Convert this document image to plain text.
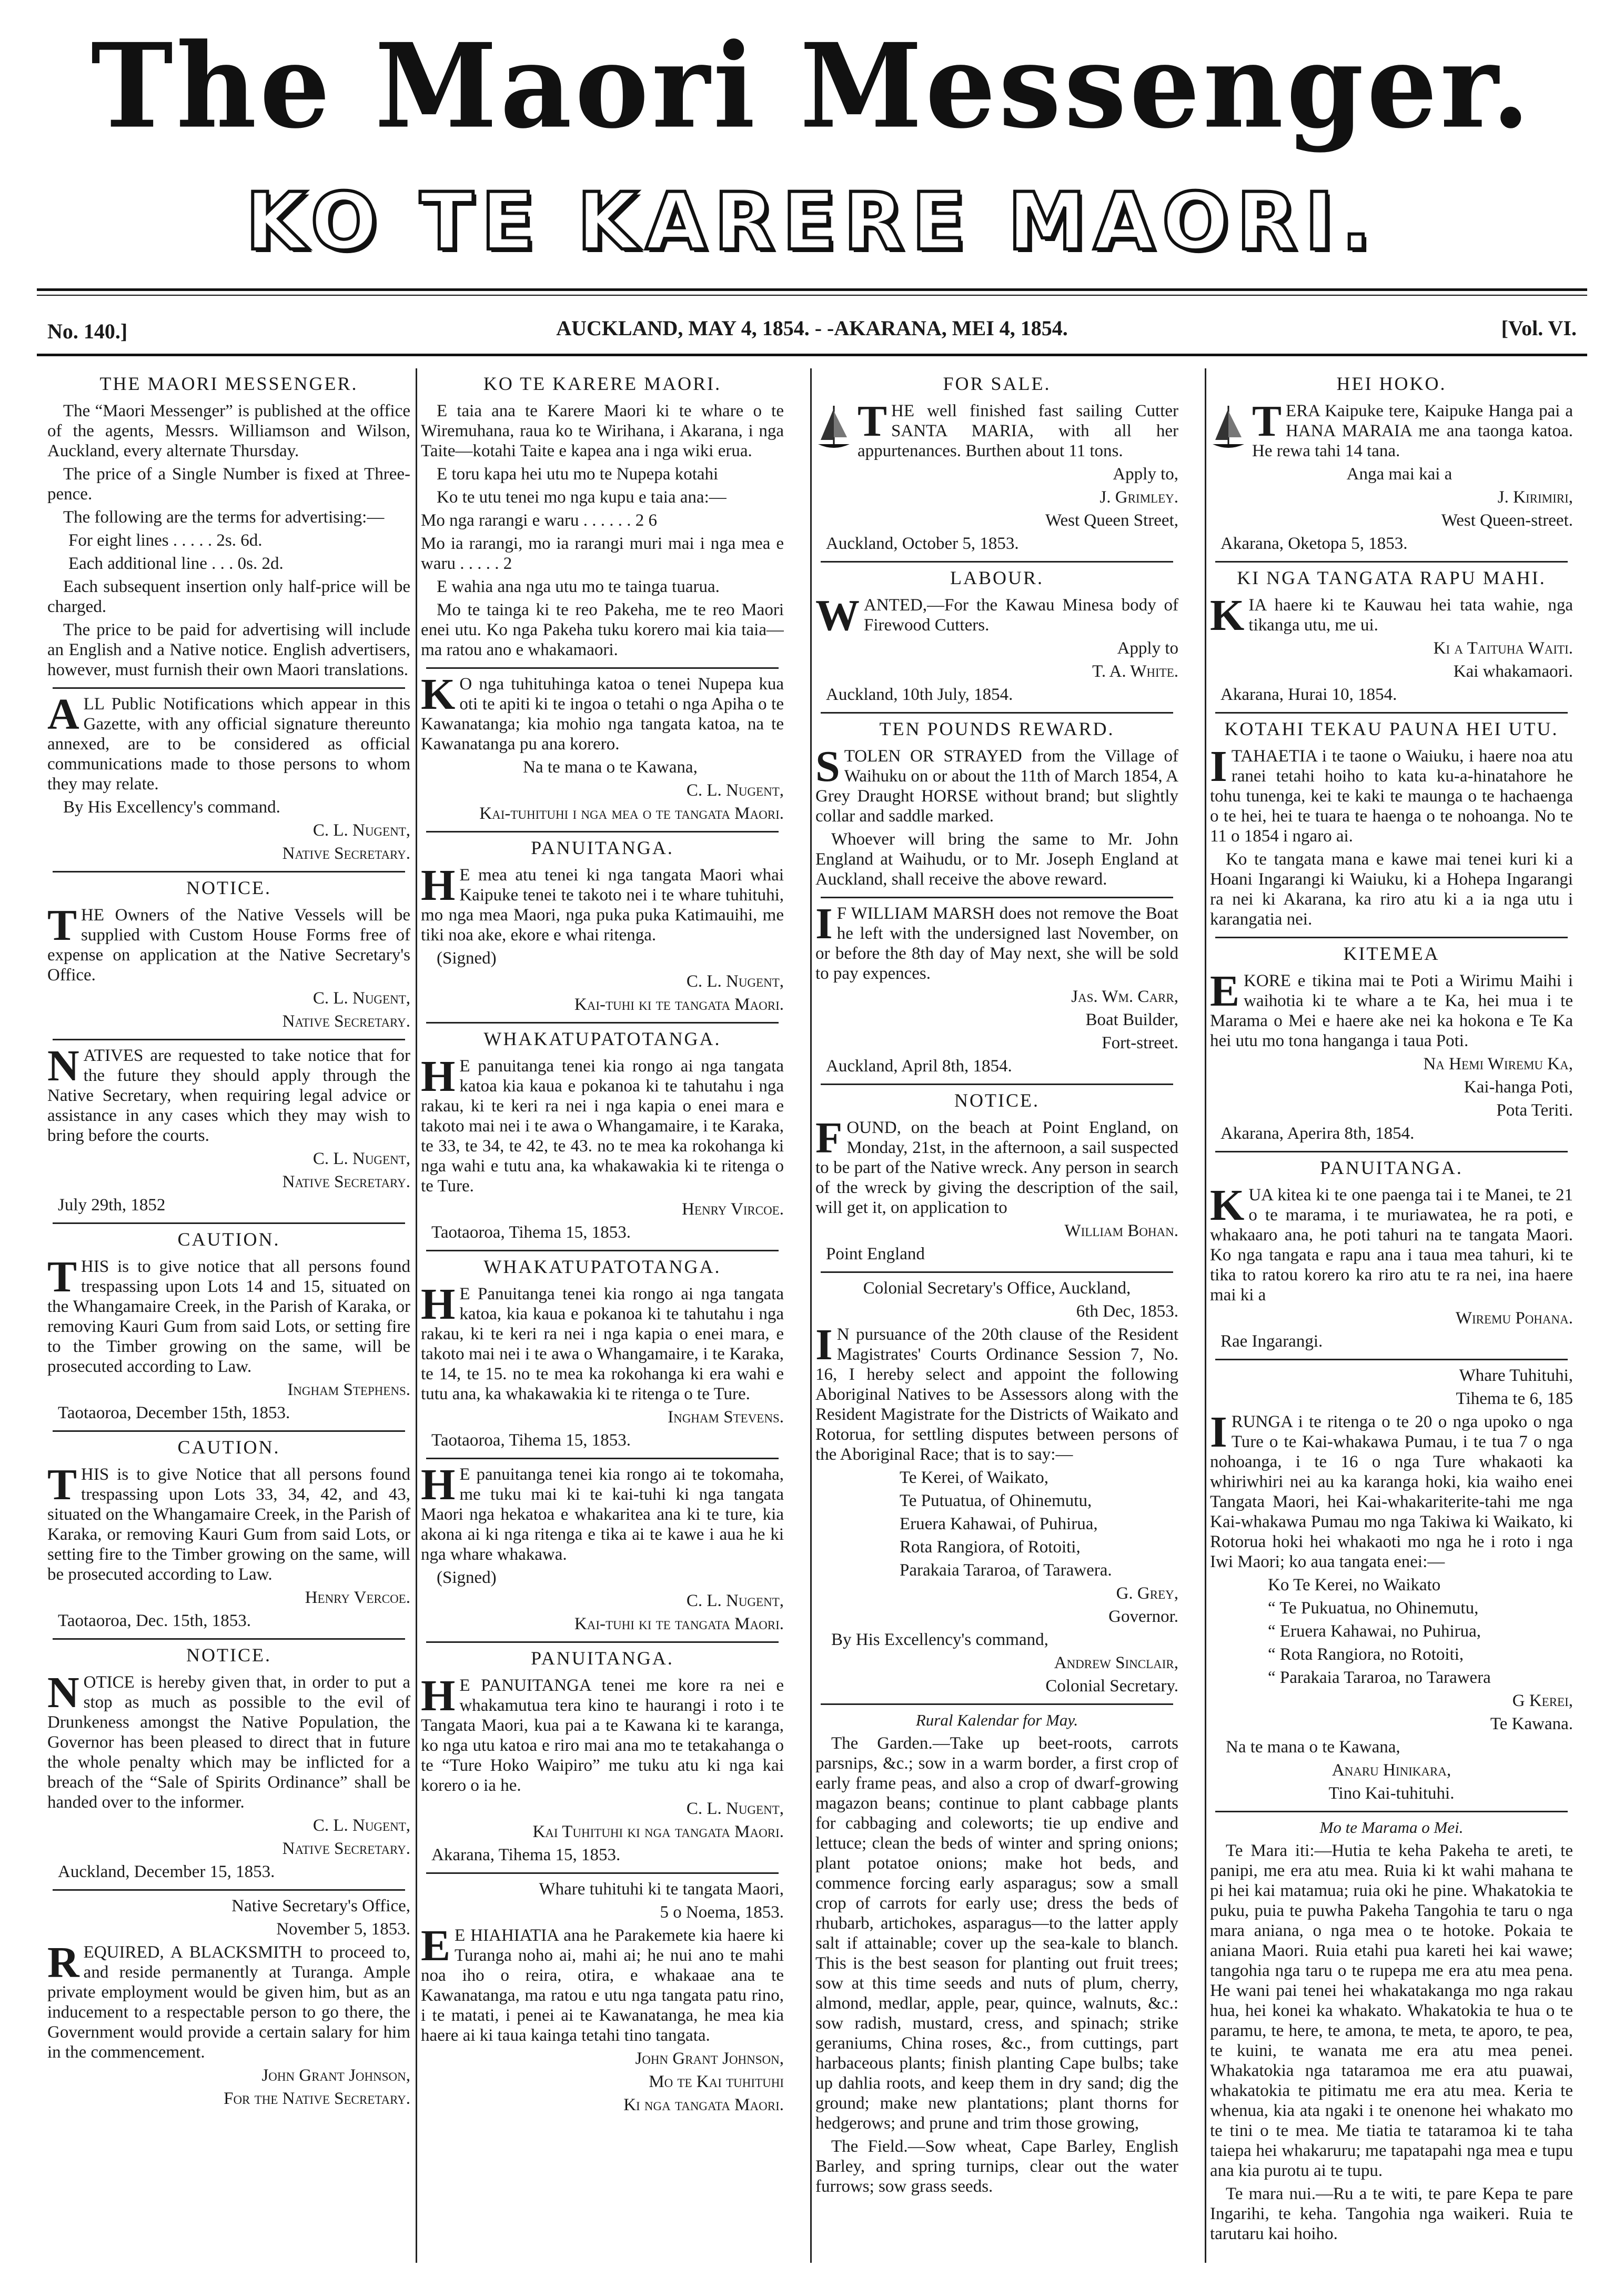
The Maori Messenger.
KO TE KARERE MAORI.
No. 140.]	AUCKLAND, MAY 4, 1854. - -AKARANA, MEI 4, 1854.	[Vol. VI.
THE MAORI MESSENGER.

The “Maori Messenger” is published at the office of the agents, Messrs. Williamson and Wilson, Auckland, every alternate Thursday.

The price of a Single Number is fixed at Three-pence.

The following are the terms for advertising:—

For eight lines . . . . . 2s. 6d.

Each additional line . . . 0s. 2d.

Each subsequent insertion only half-price will be charged.

The price to be paid for advertising will include an English and a Native notice. English advertisers, however, must furnish their own Maori translations.

ALL Public Notifications which appear in this Gazette, with any official signature thereunto annexed, are to be considered as official communications made to those persons to whom they may relate.

By His Excellency's command.

C. L. Nugent,

Native Secretary.

NOTICE.

THE Owners of the Native Vessels will be supplied with Custom House Forms free of expense on application at the Native Secretary's Office.

C. L. Nugent,

Native Secretary.

NATIVES are requested to take notice that for the future they should apply through the Native Secretary, when requiring legal advice or assistance in any cases which they may wish to bring before the courts.

C. L. Nugent,

Native Secretary.

July 29th, 1852

CAUTION.

THIS is to give notice that all persons found trespassing upon Lots 14 and 15, situated on the Whangamaire Creek, in the Parish of Karaka, or removing Kauri Gum from said Lots, or setting fire to the Timber growing on the same, will be prosecuted according to Law.

Ingham Stephens.

Taotaoroa, December 15th, 1853.

CAUTION.

THIS is to give Notice that all persons found trespassing upon Lots 33, 34, 42, and 43, situated on the Whangamaire Creek, in the Parish of Karaka, or removing Kauri Gum from said Lots, or setting fire to the Timber growing on the same, will be prosecuted according to Law.

Henry Vercoe.

Taotaoroa, Dec. 15th, 1853.

NOTICE.

NOTICE is hereby given that, in order to put a stop as much as possible to the evil of Drunkeness amongst the Native Population, the Governor has been pleased to direct that in future the whole penalty which may be inflicted for a breach of the “Sale of Spirits Ordinance” shall be handed over to the informer.

C. L. Nugent,

Native Secretary.

Auckland, December 15, 1853.

Native Secretary's Office,

November 5, 1853.

REQUIRED, A BLACKSMITH to proceed to, and reside permanently at Turanga. Ample private employment would be given him, but as an inducement to a respectable person to go there, the Government would provide a certain salary for him in the commencement.

John Grant Johnson,

For the Native Secretary.

KO TE KARERE MAORI.

E taia ana te Karere Maori ki te whare o te Wiremuhana, raua ko te Wirihana, i Akarana, i nga Taite—kotahi Taite e kapea ana i nga wiki erua.

E toru kapa hei utu mo te Nupepa kotahi

Ko te utu tenei mo nga kupu e taia ana:—

Mo nga rarangi e waru . . . . . . 2 6

Mo ia rarangi, mo ia rarangi muri mai i nga mea e waru . . . . . 2

E wahia ana nga utu mo te tainga tuarua.

Mo te tainga ki te reo Pakeha, me te reo Maori enei utu. Ko nga Pakeha tuku korero mai kia taia—ma ratou ano e whakamaori.

K O nga tuhituhinga katoa o tenei Nupepa kua oti te apiti ki te ingoa o tetahi o nga Apiha o te Kawanatanga; kia mohio nga tangata katoa, na te Kawanatanga pu ana korero.

Na te mana o te Kawana,

C. L. Nugent,

Kai-tuhituhi i nga mea o te tangata Maori.

PANUITANGA.

H E mea atu tenei ki nga tangata Maori whai Kaipuke tenei te takoto nei i te whare tuhituhi, mo nga mea Maori, nga puka puka Katimauihi, me tiki noa ake, ekore e whai ritenga.

(Signed)

C. L. Nugent,

Kai-tuhi ki te tangata Maori.

WHAKATUPATOTANGA.

H E panuitanga tenei kia rongo ai nga tangata katoa kia kaua e pokanoa ki te tahutahu i nga rakau, ki te keri ra nei i nga kapia o enei mara e takoto mai nei i te awa o Whangamaire, i te Karaka, te 33, te 34, te 42, te 43. no te mea ka rokohanga ki nga wahi e tutu ana, ka whakawakia ki te ritenga o te Ture.

Henry Vircoe.

Taotaoroa, Tihema 15, 1853.

WHAKATUPATOTANGA.

H E Panuitanga tenei kia rongo ai nga tangata katoa, kia kaua e pokanoa ki te tahutahu i nga rakau, ki te keri ra nei i nga kapia o enei mara, e takoto mai nei i te awa o Whangamaire, i te Karaka, te 14, te 15. no te mea ka rokohanga ki era wahi e tutu ana, ka whakawakia ki te ritenga o te Ture.

Ingham Stevens.

Taotaoroa, Tihema 15, 1853.

H E panuitanga tenei kia rongo ai te tokomaha, me tuku mai ki te kai-tuhi ki nga tangata Maori nga hekatoa e whakaritea ana ki te ture, kia akona ai ki nga ritenga e tika ai te kawe i aua he ki nga whare whakawa.

(Signed)

C. L. Nugent,

Kai-tuhi ki te tangata Maori.

PANUITANGA.

H E PANUITANGA tenei me kore ra nei e whakamutua tera kino te haurangi i roto i te Tangata Maori, kua pai a te Kawana ki te karanga, ko nga utu katoa e riro mai ana mo te tetakahanga o te “Ture Hoko Waipiro” me tuku atu ki nga kai korero o ia he.

C. L. Nugent,

Kai Tuhituhi ki nga tangata Maori.

Akarana, Tihema 15, 1853.

Whare tuhituhi ki te tangata Maori,

5 o Noema, 1853.

E E HIAHIATIA ana he Parakemete kia haere ki Turanga noho ai, mahi ai; he nui ano te mahi noa iho o reira, otira, e whakaae ana te Kawanatanga, ma ratou e utu nga tangata patu rino, i te matati, i penei ai te Kawanatanga, he mea kia haere ai ki taua kainga tetahi tino tangata.

John Grant Johnson,

Mo te Kai tuhituhi

Ki nga tangata Maori.

FOR SALE.

THE well finished fast sailing Cutter SANTA MARIA, with all her appurtenances. Burthen about 11 tons.

Apply to,

J. Grimley.

West Queen Street,

Auckland, October 5, 1853.

LABOUR.

WANTED,—For the Kawau Minesa body of Firewood Cutters.

Apply to

T. A. White.

Auckland, 10th July, 1854.

TEN POUNDS REWARD.

STOLEN OR STRAYED from the Village of Waihuku on or about the 11th of March 1854, A Grey Draught HORSE without brand; but slightly collar and saddle marked.

Whoever will bring the same to Mr. John England at Waihudu, or to Mr. Joseph England at Auckland, shall receive the above reward.

I F WILLIAM MARSH does not remove the Boat he left with the undersigned last November, on or before the 8th day of May next, she will be sold to pay expences.

Jas. Wm. Carr,

Boat Builder,

Fort-street.

Auckland, April 8th, 1854.

NOTICE.

FOUND, on the beach at Point England, on Monday, 21st, in the afternoon, a sail suspected to be part of the Native wreck. Any person in search of the wreck by giving the description of the sail, will get it, on application to

William Bohan.

Point England

Colonial Secretary's Office, Auckland,

6th Dec, 1853.

I N pursuance of the 20th clause of the Resident Magistrates' Courts Ordinance Session 7, No. 16, I hereby select and appoint the following Aboriginal Natives to be Assessors along with the Resident Magistrate for the Districts of Waikato and Rotorua, for settling disputes between persons of the Aboriginal Race; that is to say:—

Te Kerei, of Waikato,

Te Putuatua, of Ohinemutu,

Eruera Kahawai, of Puhirua,

Rota Rangiora, of Rotoiti,

Parakaia Tararoa, of Tarawera.

G. Grey,

Governor.

By His Excellency's command,

Andrew Sinclair,

Colonial Secretary.

Rural Kalendar for May.

The Garden.—Take up beet-roots, carrots parsnips, &c.; sow in a warm border, a first crop of early frame peas, and also a crop of dwarf-growing magazon beans; continue to plant cabbage plants for cabbaging and coleworts; tie up endive and lettuce; clean the beds of winter and spring onions; plant potatoe onions; make hot beds, and commence forcing early asparagus; sow a small crop of carrots for early use; dress the beds of rhubarb, artichokes, asparagus—to the latter apply salt if attainable; cover up the sea-kale to blanch. This is the best season for planting out fruit trees; sow at this time seeds and nuts of plum, cherry, almond, medlar, apple, pear, quince, walnuts, &c.: sow radish, mustard, cress, and spinach; strike geraniums, China roses, &c., from cuttings, part harbaceous plants; finish planting Cape bulbs; take up dahlia roots, and keep them in dry sand; dig the ground; make new plantations; plant thorns for hedgerows; and prune and trim those growing,

The Field.—Sow wheat, Cape Barley, English Barley, and spring turnips, clear out the water furrows; sow grass seeds.

HEI HOKO.

TERA Kaipuke tere, Kaipuke Hanga pai a HANA MARAIA me ana taonga katoa. He rewa tahi 14 tana.

Anga mai kai a

J. Kirimiri,

West Queen-street.

Akarana, Oketopa 5, 1853.

KI NGA TANGATA RAPU MAHI.

KIA haere ki te Kauwau hei tata wahie, nga tikanga utu, me ui.

Ki a Taituha Waiti.

Kai whakamaori.

Akarana, Hurai 10, 1854.

KOTAHI TEKAU PAUNA HEI UTU.

ITAHAETIA i te taone o Waiuku, i haere noa atu ranei tetahi hoiho to kata ku-a-hinatahore he tohu tunenga, kei te kaki te maunga o te hachaenga o te hei, hei te tuara te haenga o te nohoanga. No te 11 o 1854 i ngaro ai.

Ko te tangata mana e kawe mai tenei kuri ki a Hoani Ingarangi ki Waiuku, ki a Hohepa Ingarangi ra nei ki Akarana, ka riro atu ki a ia nga utu i karangatia nei.

KITEMEA

EKORE e tikina mai te Poti a Wirimu Maihi i waihotia ki te whare a te Ka, hei mua i te Marama o Mei e haere ake nei ka hokona e Te Ka hei utu mo tona hanganga i taua Poti.

Na Hemi Wiremu Ka,

Kai-hanga Poti,

Pota Teriti.

Akarana, Aperira 8th, 1854.

PANUITANGA.

KUA kitea ki te one paenga tai i te Manei, te 21 o te marama, i te muriawatea, he ra poti, e whakaaro ana, he poti tahuri na te tangata Maori. Ko nga tangata e rapu ana i taua mea tahuri, ki te tika to ratou korero ka riro atu te ra nei, ina haere mai ki a

Wiremu Pohana.

Rae Ingarangi.

Whare Tuhituhi,

Tihema te 6, 185

IRUNGA i te ritenga o te 20 o nga upoko o nga Ture o te Kai-whakawa Pumau, i te tua 7 o nga nohoanga, i te 16 o nga Ture whakaoti ka whiriwhiri nei au ka karanga hoki, kia waiho enei Tangata Maori, hei Kai-whakariterite-tahi me nga Kai-whakawa Pumau mo nga Takiwa ki Waikato, ki Rotorua hoki hei whakaoti mo nga he i roto i nga Iwi Maori; ko aua tangata enei:—

Ko Te Kerei, no Waikato

“ Te Pukuatua, no Ohinemutu,

“ Eruera Kahawai, no Puhirua,

“ Rota Rangiora, no Rotoiti,

“ Parakaia Tararoa, no Tarawera

G Kerei,

Te Kawana.

Na te mana o te Kawana,

Anaru Hinikara,

Tino Kai-tuhituhi.

Mo te Marama o Mei.

Te Mara iti:—Hutia te keha Pakeha te areti, te panipi, me era atu mea. Ruia ki kt wahi mahana te pi hei kai matamua; ruia oki he pine. Whakatokia te puku, puia te puwha Pakeha Tangohia te taru o nga mara aniana, o nga mea o te hotoke. Pokaia te aniana Maori. Ruia etahi pua kareti hei kai wawe; tangohia nga taru o te rupepa me era atu mea pena. He wani pai tenei hei whakatakanga mo nga rakau hua, hei konei ka whakato. Whakatokia te hua o te paramu, te here, te amona, te meta, te aporo, te pea, te kuini, te wanata me era atu mea penei. Whakatokia nga tataramoa me era atu puawai, whakatokia te pitimatu me era atu mea. Keria te whenua, kia ata ngaki i te onenone hei whakato mo te tini o te mea. Me tiatia te tataramoa ki te taha taiepa hei whakaruru; me tapatapahi nga mea e tupu ana kia purotu ai te tupu.

Te mara nui.—Ru a te witi, te pare Kepa te pare Ingarihi, te keha. Tangohia nga waikeri. Ruia te tarutaru kai hoiho.
